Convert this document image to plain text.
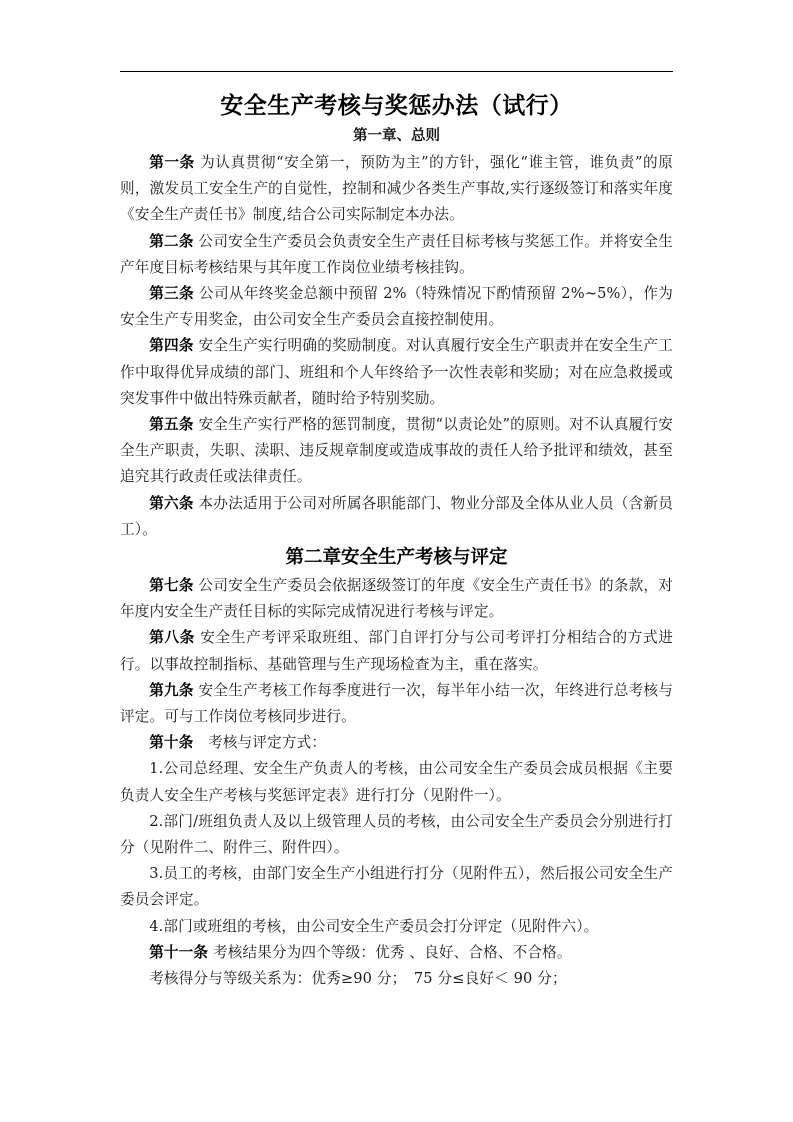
安全生产考核与奖惩办法（试行）
第一章、总则

第一条 为认真贯彻“安全第一，预防为主”的方针，强化“谁主管，谁负责”的原则，激发员工安全生产的自觉性，控制和减少各类生产事故,实行逐级签订和落实年度《安全生产责任书》制度,结合公司实际制定本办法。

第二条 公司安全生产委员会负责安全生产责任目标考核与奖惩工作。并将安全生产年度目标考核结果与其年度工作岗位业绩考核挂钩。

第三条 公司从年终奖金总额中预留 2%（特殊情况下酌情预留 2%~5%），作为安全生产专用奖金，由公司安全生产委员会直接控制使用。

第四条 安全生产实行明确的奖励制度。对认真履行安全生产职责并在安全生产工作中取得优异成绩的部门、班组和个人年终给予一次性表彰和奖励；对在应急救援或突发事件中做出特殊贡献者，随时给予特别奖励。

第五条 安全生产实行严格的惩罚制度，贯彻“以责论处”的原则。对不认真履行安全生产职责，失职、渎职、违反规章制度或造成事故的责任人给予批评和绩效，甚至追究其行政责任或法律责任。

第六条 本办法适用于公司对所属各职能部门、物业分部及全体从业人员（含新员工）。

第二章安全生产考核与评定

第七条 公司安全生产委员会依据逐级签订的年度《安全生产责任书》的条款，对年度内安全生产责任目标的实际完成情况进行考核与评定。

第八条 安全生产考评采取班组、部门自评打分与公司考评打分相结合的方式进行。以事故控制指标、基础管理与生产现场检查为主，重在落实。

第九条 安全生产考核工作每季度进行一次，每半年小结一次，年终进行总考核与评定。可与工作岗位考核同步进行。

第十条　考核与评定方式：

1.公司总经理、安全生产负责人的考核，由公司安全生产委员会成员根据《主要负责人安全生产考核与奖惩评定表》进行打分（见附件一）。

2.部门/班组负责人及以上级管理人员的考核，由公司安全生产委员会分别进行打分（见附件二、附件三、附件四）。

3.员工的考核，由部门安全生产小组进行打分（见附件五），然后报公司安全生产委员会评定。

4.部门或班组的考核，由公司安全生产委员会打分评定（见附件六）。

第十一条 考核结果分为四个等级：优秀 、良好、合格、不合格。

考核得分与等级关系为：优秀≥90 分；　75 分≤良好＜ 90 分；
